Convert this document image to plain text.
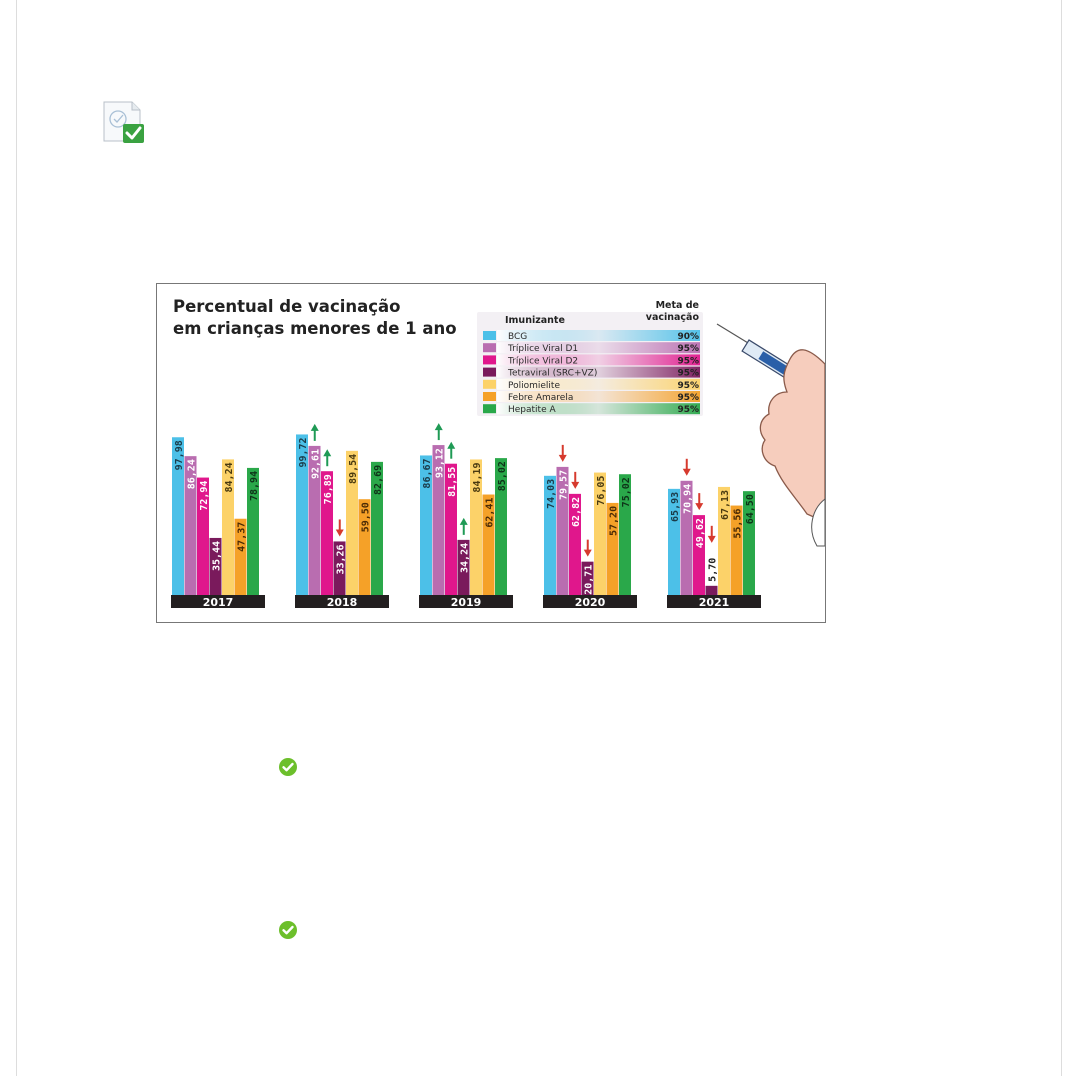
Percentual de vacinação
em crianças menores de 1 ano	Imunizante
Meta de
vacinação
BCG	90%
Tríplice Viral D1	95%
Tríplice Viral D2	95%
Tetraviral (SRC+VZ)	95%
Poliomielite	95%
Febre Amarela	95%
Hepatite A	95%
97,98
86,24
72,94
35,44
84,24
47,37
78,94
2017
99,72 92,61
76,89
33,26
89,54
59,50
82,69
2018
86,67 93,12
81,55
34,24
84,19
62,41
85,02
2019
74,03 79,57
62,82
20,71
76,05
57,20
75,02
2020
65,93 70,94
49,62
5,70
67,13
55,56 64,50
2021
